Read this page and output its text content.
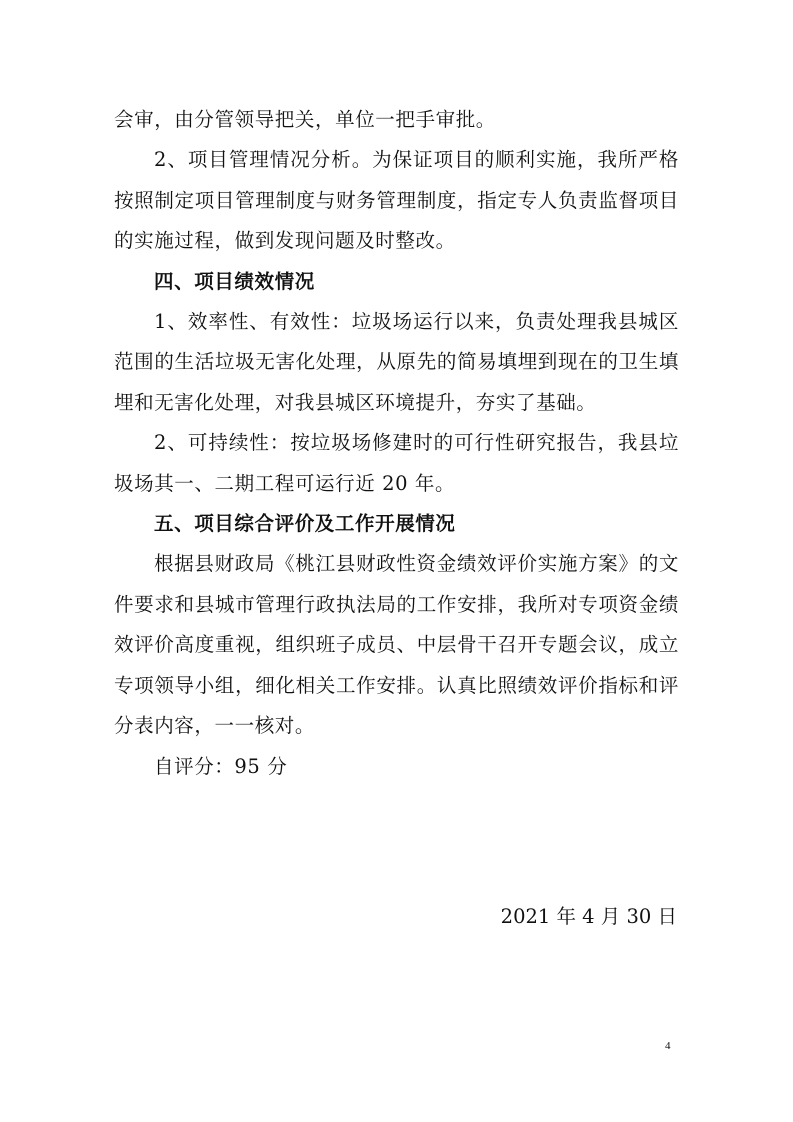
会审，由分管领导把关，单位一把手审批。

2、项目管理情况分析。为保证项目的顺利实施，我所严格按照制定项目管理制度与财务管理制度，指定专人负责监督项目的实施过程，做到发现问题及时整改。

四、项目绩效情况

1、效率性、有效性：垃圾场运行以来，负责处理我县城区范围的生活垃圾无害化处理，从原先的简易填埋到现在的卫生填埋和无害化处理，对我县城区环境提升，夯实了基础。

2、可持续性：按垃圾场修建时的可行性研究报告，我县垃圾场其一、二期工程可运行近 20 年。

五、项目综合评价及工作开展情况

根据县财政局《桃江县财政性资金绩效评价实施方案》的文件要求和县城市管理行政执法局的工作安排，我所对专项资金绩效评价高度重视，组织班子成员、中层骨干召开专题会议，成立专项领导小组，细化相关工作安排。认真比照绩效评价指标和评分表内容，一一核对。

自评分：95 分

2021 年 4 月 30 日
4
